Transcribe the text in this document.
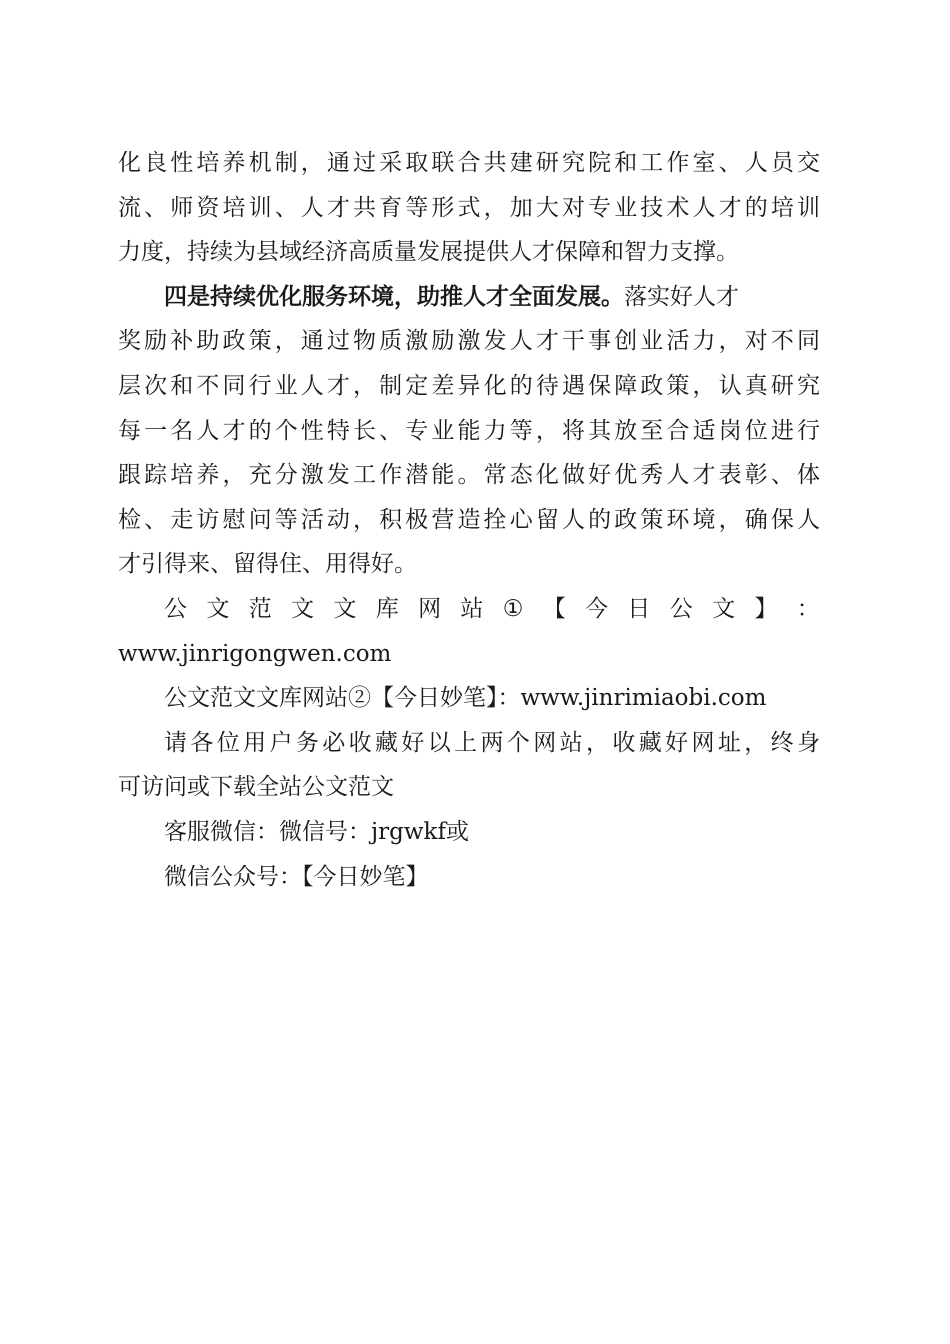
化良性培养机制，通过采取联合共建研究院和工作室、人员交
流、师资培训、人才共育等形式，加大对专业技术人才的培训
力度，持续为县域经济高质量发展提供人才保障和智力支撑。
四是持续优化服务环境，助推人才全面发展。落实好人才
奖励补助政策，通过物质激励激发人才干事创业活力，对不同
层次和不同行业人才，制定差异化的待遇保障政策，认真研究
每一名人才的个性特长、专业能力等，将其放至合适岗位进行
跟踪培养，充分激发工作潜能。常态化做好优秀人才表彰、体
检、走访慰问等活动，积极营造拴心留人的政策环境，确保人
才引得来、留得住、用得好。
公 文 范 文 文 库 网 站 ① 【 今 日 公 文 】 ：
www.jinrigongwen.com
公文范文文库网站②【今日妙笔】：www.jinrimiaobi.com
请各位用户务必收藏好以上两个网站，收藏好网址，终身
可访问或下载全站公文范文
客服微信：微信号：jrgwkf或
微信公众号：【今日妙笔】
